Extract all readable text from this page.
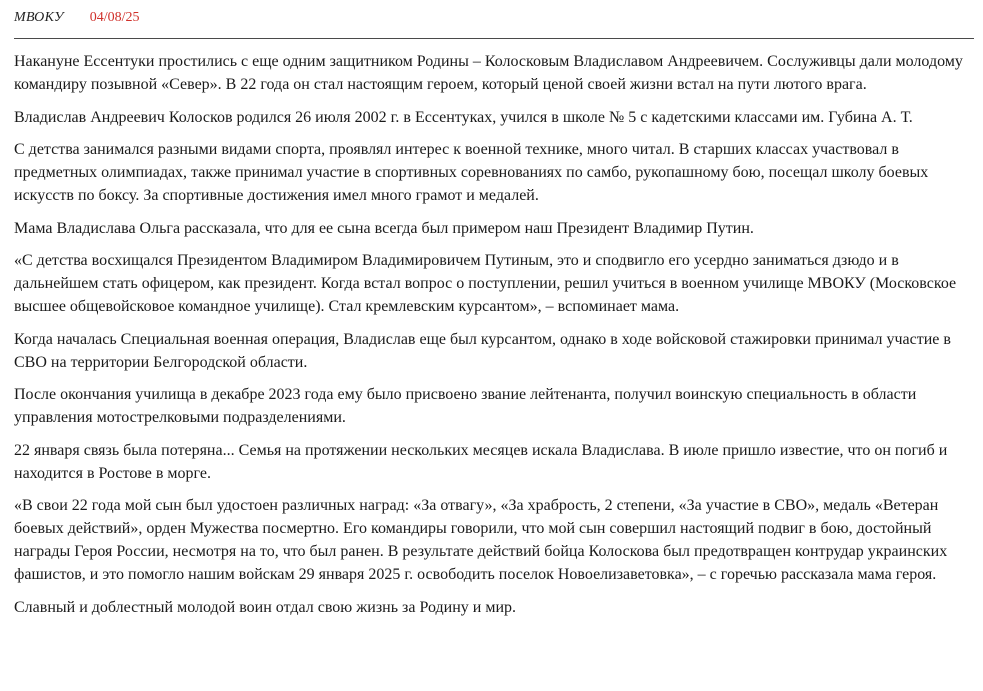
МВОКУ 04/08/25

Накануне Ессентуки простились с еще одним защитником Родины – Колосковым Владиславом Андреевичем. Сослуживцы дали молодому командиру позывной «Север». В 22 года он стал настоящим героем, который ценой своей жизни встал на пути лютого врага.

Владислав Андреевич Колосков родился 26 июля 2002 г. в Ессентуках, учился в школе № 5 с кадетскими классами им. Губина А. Т.

С детства занимался разными видами спорта, проявлял интерес к военной технике, много читал. В старших классах участвовал в предметных олимпиадах, также принимал участие в спортивных соревнованиях по самбо, рукопашному бою, посещал школу боевых искусств по боксу. За спортивные достижения имел много грамот и медалей.

Мама Владислава Ольга рассказала, что для ее сына всегда был примером наш Президент Владимир Путин.

«С детства восхищался Президентом Владимиром Владимировичем Путиным, это и сподвигло его усердно заниматься дзюдо и в дальнейшем стать офицером, как президент. Когда встал вопрос о поступлении, решил учиться в военном училище МВОКУ (Московское высшее общевойсковое командное училище). Стал кремлевским курсантом», – вспоминает мама.

Когда началась Специальная военная операция, Владислав еще был курсантом, однако в ходе войсковой стажировки принимал участие в СВО на территории Белгородской области.

После окончания училища в декабре 2023 года ему было присвоено звание лейтенанта, получил воинскую специальность в области управления мотострелковыми подразделениями.

22 января связь была потеряна... Семья на протяжении нескольких месяцев искала Владислава. В июле пришло известие, что он погиб и находится в Ростове в морге.

«В свои 22 года мой сын был удостоен различных наград: «За отвагу», «За храбрость, 2 степени, «За участие в СВО», медаль «Ветеран боевых действий», орден Мужества посмертно. Его командиры говорили, что мой сын совершил настоящий подвиг в бою, достойный награды Героя России, несмотря на то, что был ранен. В результате действий бойца Колоскова был предотвращен контрудар украинских фашистов, и это помогло нашим войскам 29 января 2025 г. освободить поселок Новоелизаветовка», – с горечью рассказала мама героя.

Славный и доблестный молодой воин отдал свою жизнь за Родину и мир.
